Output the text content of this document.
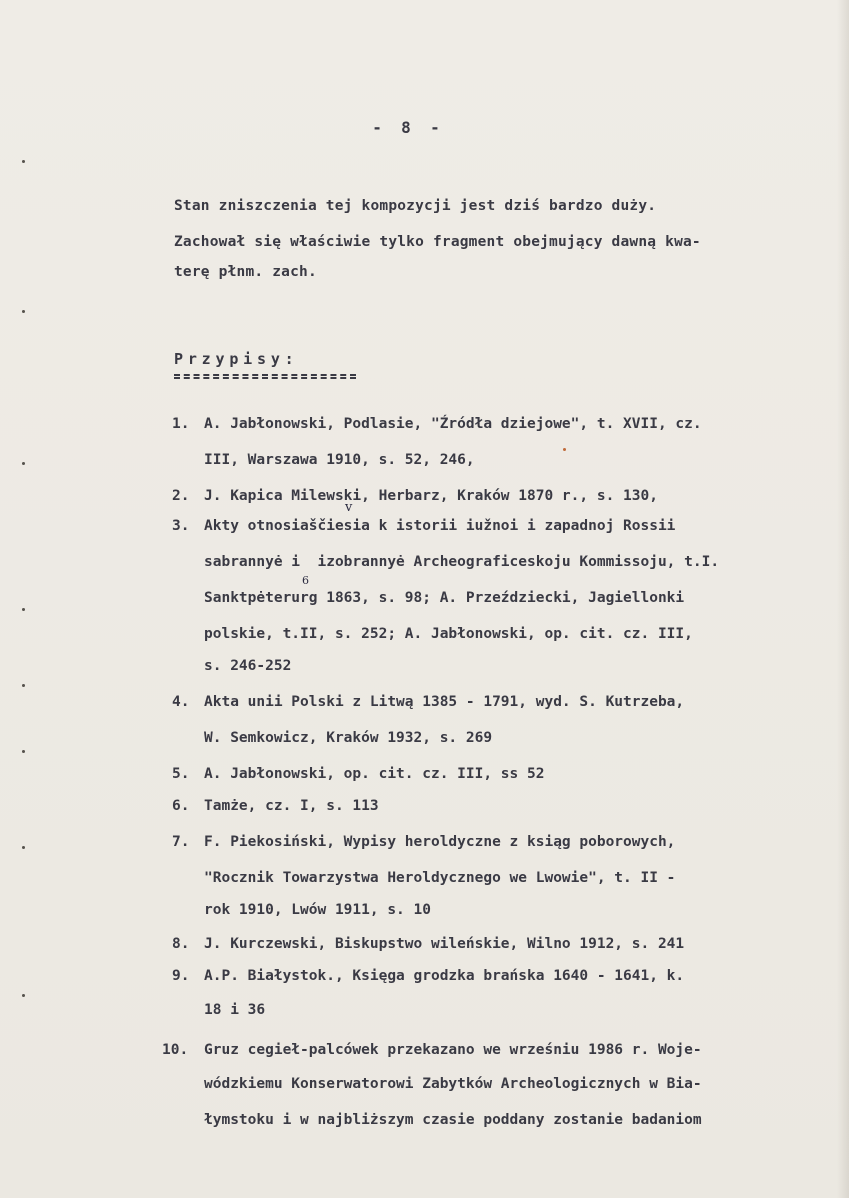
-  8  -
Stan zniszczenia tej kompozycji jest dziś bardzo duży.
Zachował się właściwie tylko fragment obejmujący dawną kwa-
terę płnm. zach.
Przypisy:
1. A. Jabłonowski, Podlasie, "Źródła dziejowe", t. XVII, cz.
III, Warszawa 1910, s. 52, 246,
2. J. Kapica Milewski, Herbarz, Kraków 1870 r., s. 130,
3. Akty otnosiaščiesia k istorii iužnoi i zapadnoj Rossii
sabrannyė i  izobrannyė Archeograficeskoju Kommissoju, t.I.
Sanktpėterurg 1863, s. 98; A. Przeździecki, Jagiellonki
polskie, t.II, s. 252; A. Jabłonowski, op. cit. cz. III,
s. 246-252
4. Akta unii Polski z Litwą 1385 - 1791, wyd. S. Kutrzeba,
W. Semkowicz, Kraków 1932, s. 269
5. A. Jabłonowski, op. cit. cz. III, ss 52
6. Tamże, cz. I, s. 113
7. F. Piekosiński, Wypisy heroldyczne z ksiąg poborowych,
"Rocznik Towarzystwa Heroldycznego we Lwowie", t. II -
rok 1910, Lwów 1911, s. 10
8. J. Kurczewski, Biskupstwo wileńskie, Wilno 1912, s. 241
9. A.P. Białystok., Księga grodzka brańska 1640 - 1641, k.
18 i 36
10. Gruz cegieł-palcówek przekazano we wrześniu 1986 r. Woje-
wódzkiemu Konserwatorowi Zabytków Archeologicznych w Bia-
łymstoku i w najbliższym czasie poddany zostanie badaniom
v
6
